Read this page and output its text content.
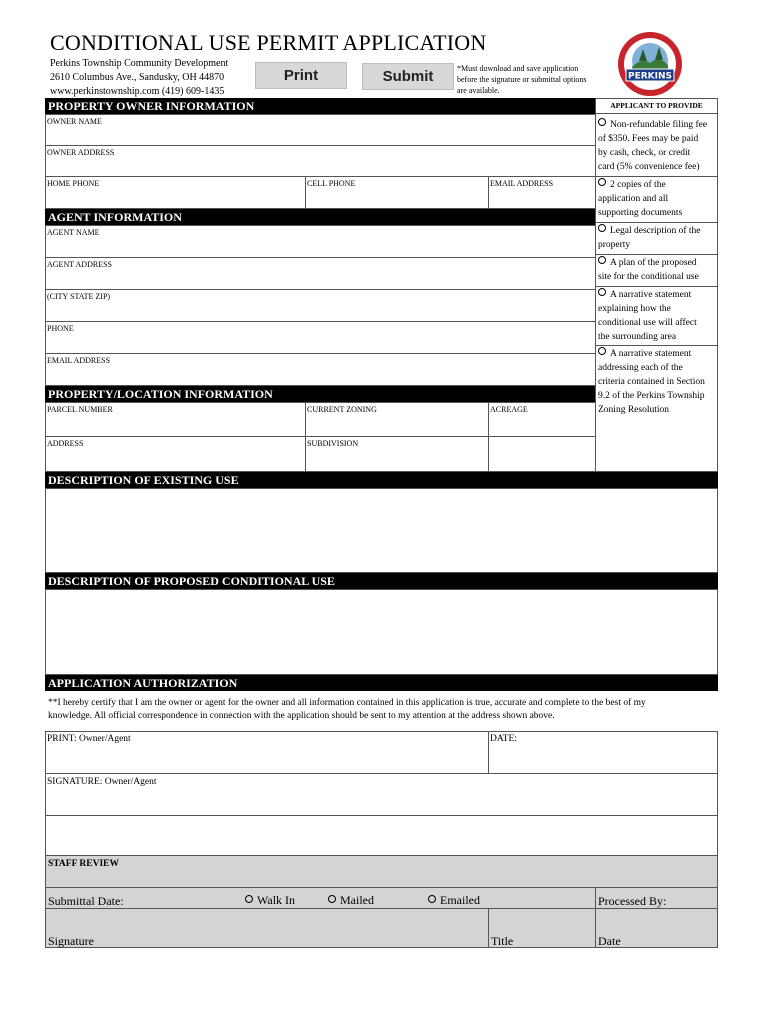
CONDITIONAL USE PERMIT APPLICATION
Perkins Township Community Development
2610 Columbus Ave., Sandusky, OH 44870
www.perkinstownship.com (419) 609-1435
Print	Submit	*Must download and save application
before the signature or submittal options
are available.
PERKINS
PROPERTY OWNER INFORMATION
OWNER NAME
OWNER ADDRESS
HOME PHONE	CELL PHONE	EMAIL ADDRESS
AGENT INFORMATION
AGENT NAME
AGENT ADDRESS
(CITY STATE ZIP)
PHONE
EMAIL ADDRESS
PROPERTY/LOCATION INFORMATION
PARCEL NUMBER	CURRENT ZONING	ACREAGE
ADDRESS	SUBDIVISION
APPLICANT TO PROVIDE
Non-refundable filing fee
of $350. Fees may be paid
by cash, check, or credit
card (5% convenience fee)
2 copies of the
application and all
supporting documents
Legal description of the
property
A plan of the proposed
site for the conditional use
A narrative statement
explaining how the
conditional use will affect
the surrounding area
A narrative statement
addressing each of the
criteria contained in Section
9.2 of the Perkins Township
Zoning Resolution
DESCRIPTION OF EXISTING USE
DESCRIPTION OF PROPOSED CONDITIONAL USE
APPLICATION AUTHORIZATION
**I hereby certify that I am the owner or agent for the owner and all information contained in this application is true, accurate and complete to the best of my
knowledge. All official correspondence in connection with the application should be sent to my attention at the address shown above.
PRINT: Owner/Agent	DATE:
SIGNATURE: Owner/Agent
STAFF REVIEW
Submittal Date:	Walk In	Mailed	Emailed	Processed By:
Signature	Title	Date
